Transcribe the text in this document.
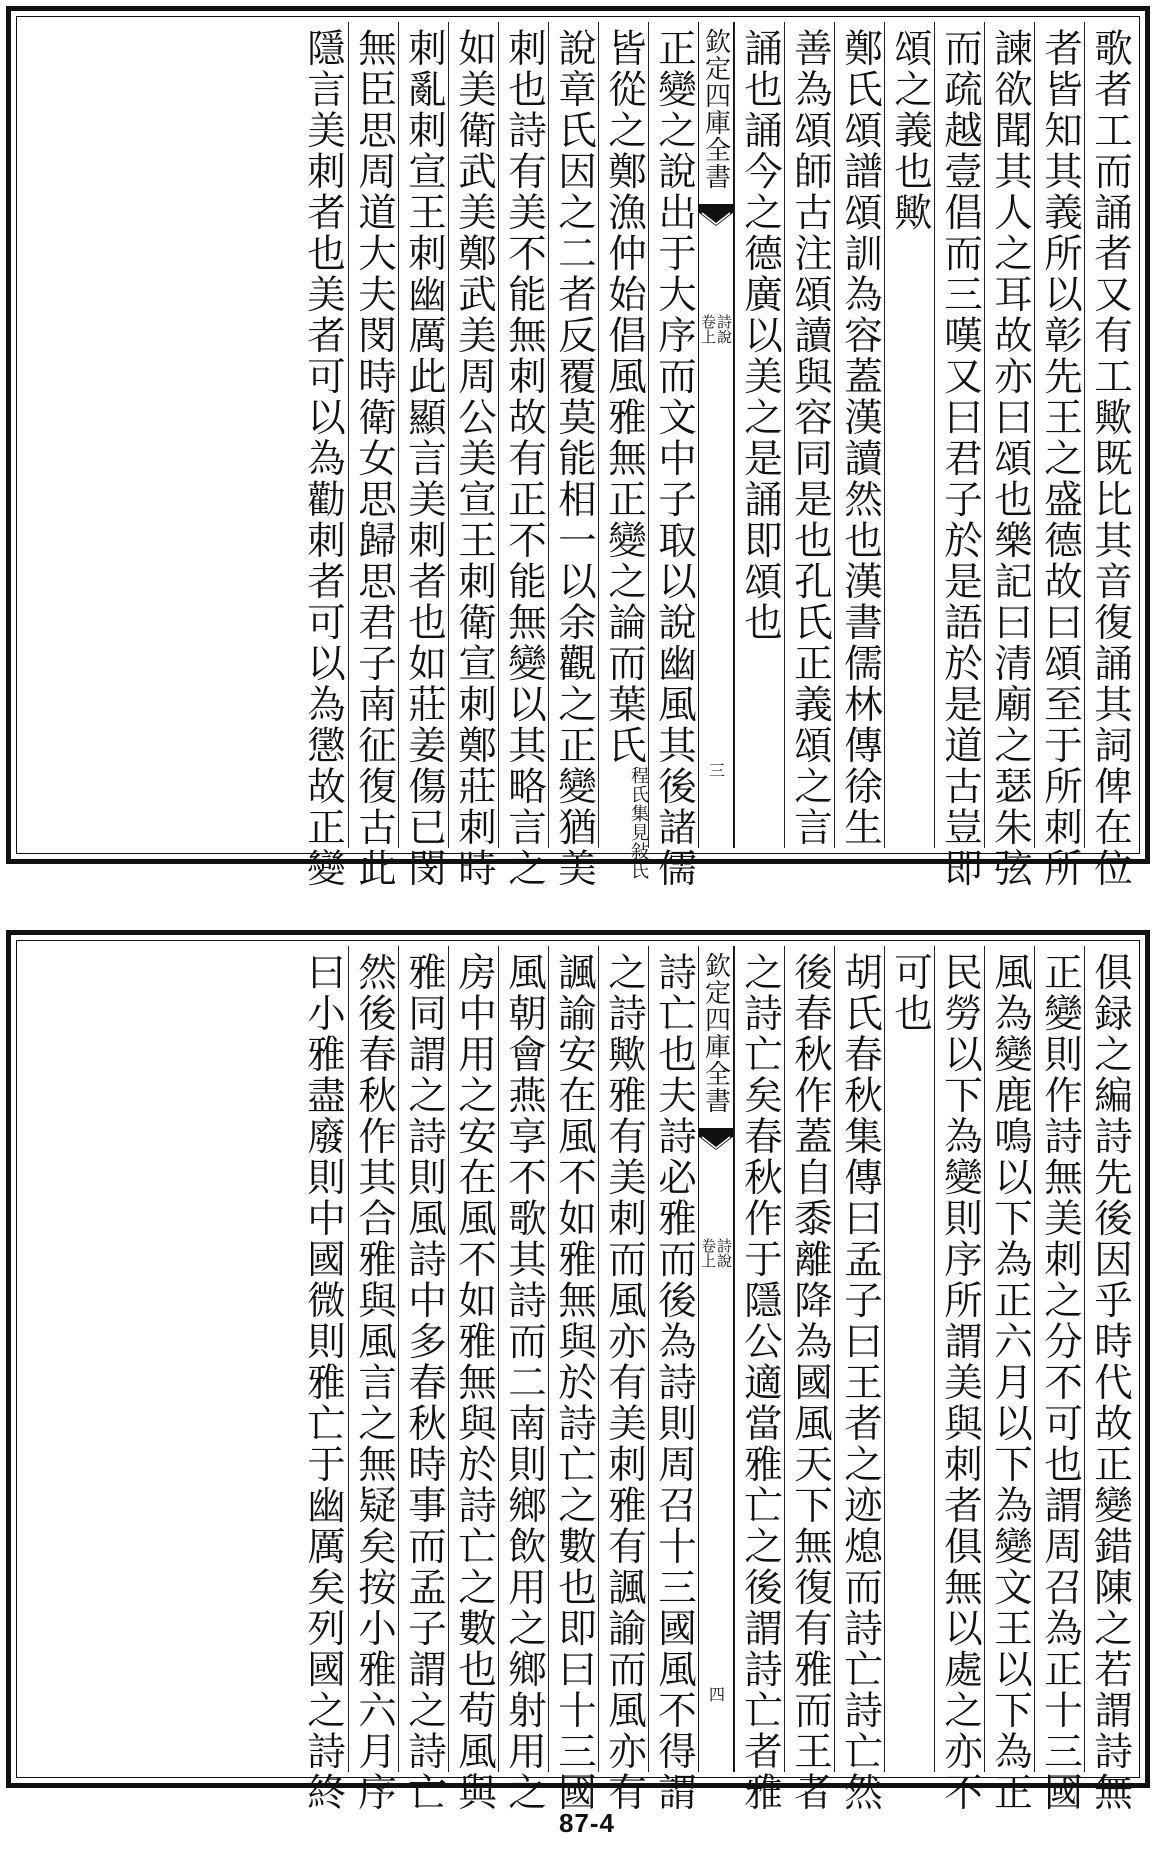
歌者工而誦者又有工歟既比其音復誦其詞俾在位
者皆知其義所以彰先王之盛德故曰頌至于所刺所
諫欲聞其人之耳故亦曰頌也樂記曰清廟之瑟朱弦
而疏越壹倡而三嘆又曰君子於是語於是道古豈即
頌之義也歟
鄭氏頌譜頌訓為容蓋漢讀然也漢書儒林傳徐生
善為頌師古注頌讀與容同是也孔氏正義頌之言
誦也誦今之德廣以美之是誦即頌也
欽定四庫全書
詩說
卷上
三
正變之說出于大序而文中子取以說幽風其後諸儒
皆從之鄭漁仲始倡風雅無正變之論而葉氏
見敍氏
程氏集
說章氏因之二者反覆莫能相一以余觀之正變猶美
刺也詩有美不能無刺故有正不能無變以其略言之
如美衛武美鄭武美周公美宣王刺衛宣刺鄭莊刺時
刺亂刺宣王刺幽厲此顯言美刺者也如莊姜傷已閔
無臣思周道大夫閔時衛女思歸思君子南征復古此
隱言美刺者也美者可以為勸刺者可以為懲故正變
俱録之編詩先後因乎時代故正變錯陳之若謂詩無
正變則作詩無美刺之分不可也謂周召為正十三國
風為變鹿鳴以下為正六月以下為變文王以下為正
民勞以下為變則序所謂美與刺者俱無以處之亦不
可也
胡氏春秋集傳曰孟子曰王者之迹熄而詩亡詩亡然
後春秋作蓋自黍離降為國風天下無復有雅而王者
之詩亡矣春秋作于隱公適當雅亡之後謂詩亡者雅
欽定四庫全書
詩說
卷上
四
詩亡也夫詩必雅而後為詩則周召十三國風不得謂
之詩歟雅有美刺而風亦有美刺雅有諷諭而風亦有
諷諭安在風不如雅無與於詩亡之數也即曰十三國
風朝會燕享不歌其詩而二南則鄉飲用之鄉射用之
房中用之安在風不如雅無與於詩亡之數也苟風與
雅同謂之詩則風詩中多春秋時事而孟子謂之詩亡
然後春秋作其合雅與風言之無疑矣按小雅六月序
曰小雅盡廢則中國微則雅亡于幽厲矣列國之詩終
87-4
